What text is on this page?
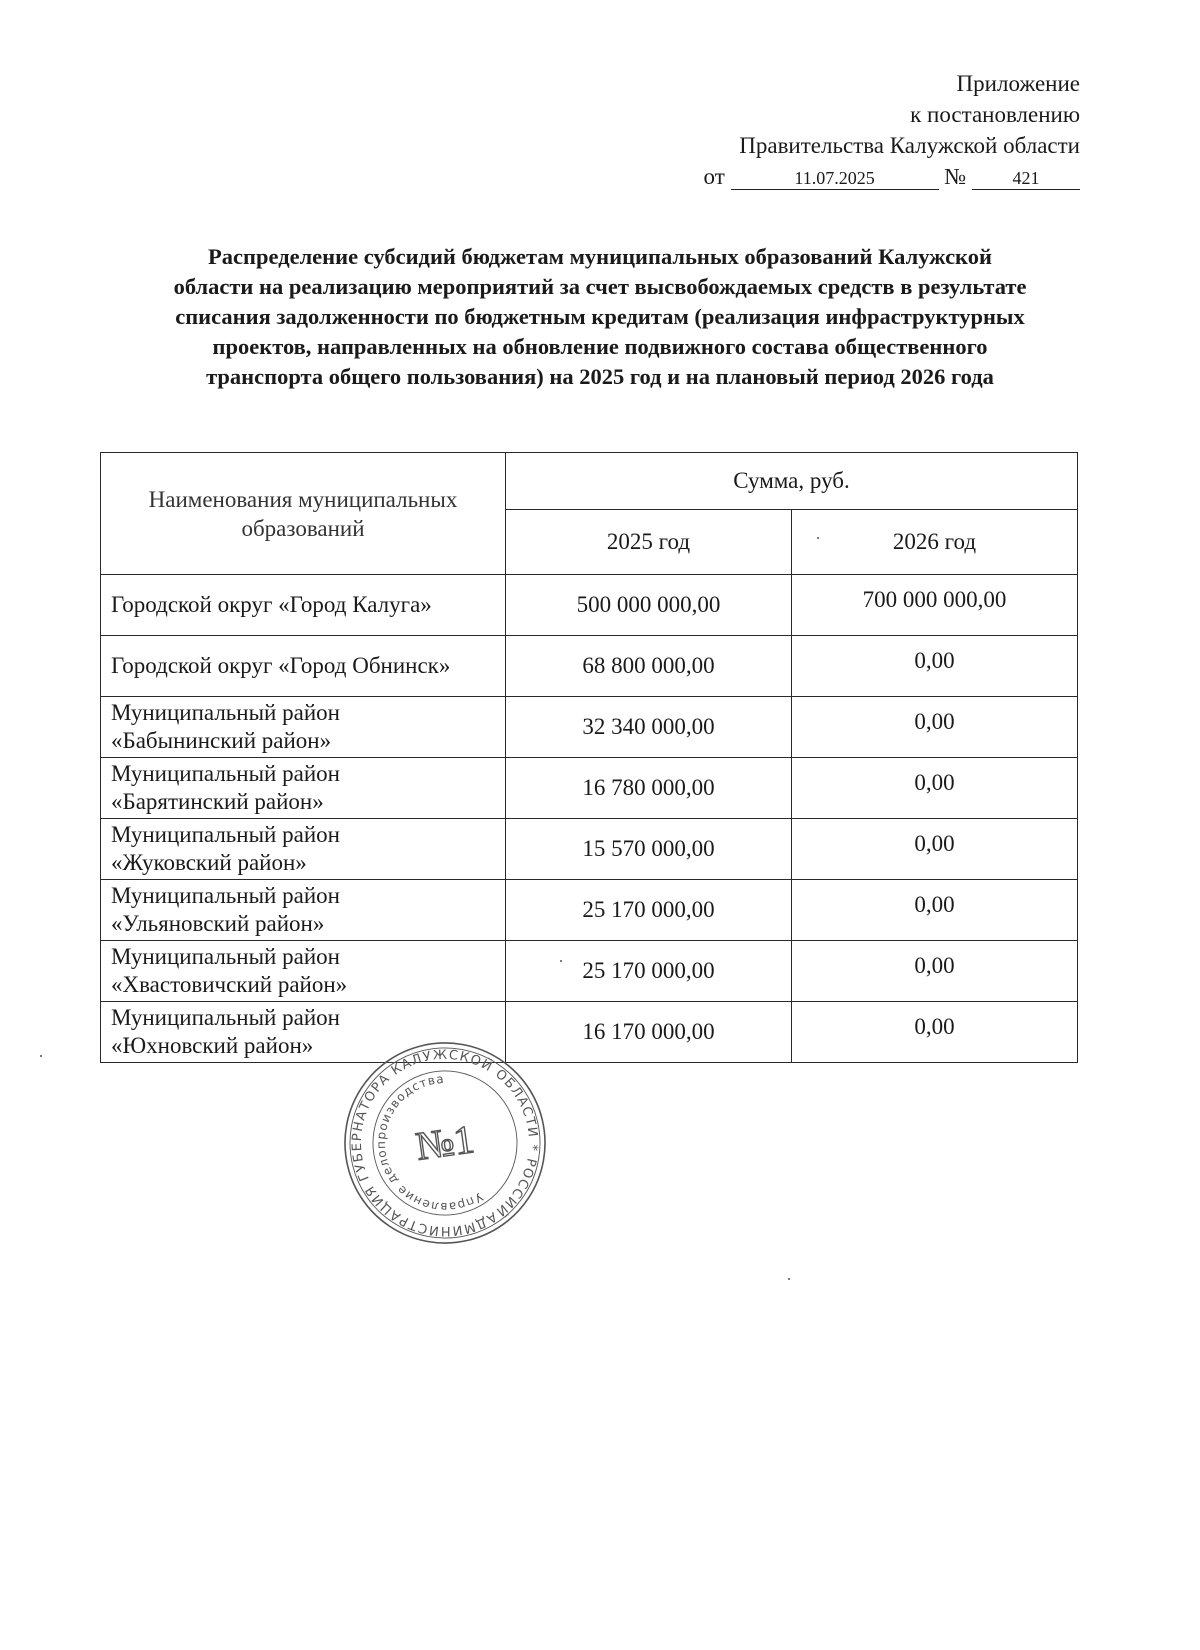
Приложение
к постановлению
Правительства Калужской области
от	11.07.2025	№	421
Распределение субсидий бюджетам муниципальных образований Калужской
области на реализацию мероприятий за счет высвобождаемых средств в результате
списания задолженности по бюджетным кредитам (реализация инфраструктурных
проектов, направленных на обновление подвижного состава общественного
транспорта общего пользования) на 2025 год и на плановый период 2026 года
Наименования муниципальных
образований	Сумма, руб.	
	2025 год	2026 год
Городской округ «Город Калуга»	500 000 000,00	700 000 000,00
Городской округ «Город Обнинск»	68 800 000,00	0,00
Муниципальный район
«Бабынинский район»	32 340 000,00	0,00
Муниципальный район
«Барятинский район»	16 780 000,00	0,00
Муниципальный район
«Жуковский район»	15 570 000,00	0,00
Муниципальный район
«Ульяновский район»	25 170 000,00	0,00
Муниципальный район
«Хвастовичский район»	25 170 000,00	0,00
Муниципальный район
«Юхновский район»	16 170 000,00	0,00
АДМИНИСТРАЦИЯ ГУБЕРНАТОРА КАЛУЖСКОЙ ОБЛАСТИ * РОССИЙСКАЯ
Управление делопроизводства
№1
